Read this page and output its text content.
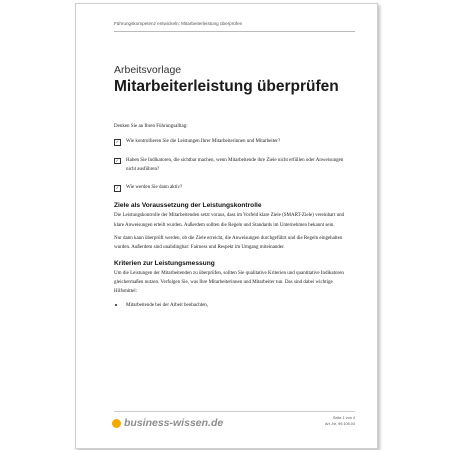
Führungskompetenz entwickeln: Mitarbeiterleistung überprüfen
Arbeitsvorlage
Mitarbeiterleistung überprüfen

Denken Sie an Ihren Führungsalltag:

✓	Wie kontrollieren Sie die Leistungen Ihrer Mitarbeiterinnen und Mitarbeiter?
✓	Haben Sie Indikatoren, die sichtbar machen, wenn Mitarbeitende ihre Ziele nicht erfüllen oder Anweisungen nicht ausführen?
✓	Wie werden Sie dann aktiv?
Ziele als Voraussetzung der Leistungskontrolle

Die Leistungskontrolle der Mitarbeitenden setzt voraus, dass im Vorfeld klare Ziele (SMART-Ziele) vereinbart und klare Anweisungen erteilt wurden. Außerdem sollten die Regeln und Standards im Unternehmen bekannt sein.

Nur dann kann überprüft werden, ob die Ziele erreicht, die Anweisungen durchgeführt und die Regeln eingehalten wurden. Außerdem sind unabdingbar: Fairness und Respekt im Umgang miteinander.

Kriterien zur Leistungsmessung

Um die Leistungen der Mitarbeitenden zu überprüfen, sollten Sie qualitative Kriterien und quantitative Indikatoren gleichermaßen nutzen. Verfolgen Sie, was Ihre Mitarbeiterinnen und Mitarbeiter tun. Das sind dabei wichtige Hilfsmittel:

Mitarbeitende bei der Arbeit beobachten,
business-wissen.de	Seite 1 von 4
Art.-Nr. 99.105.04
